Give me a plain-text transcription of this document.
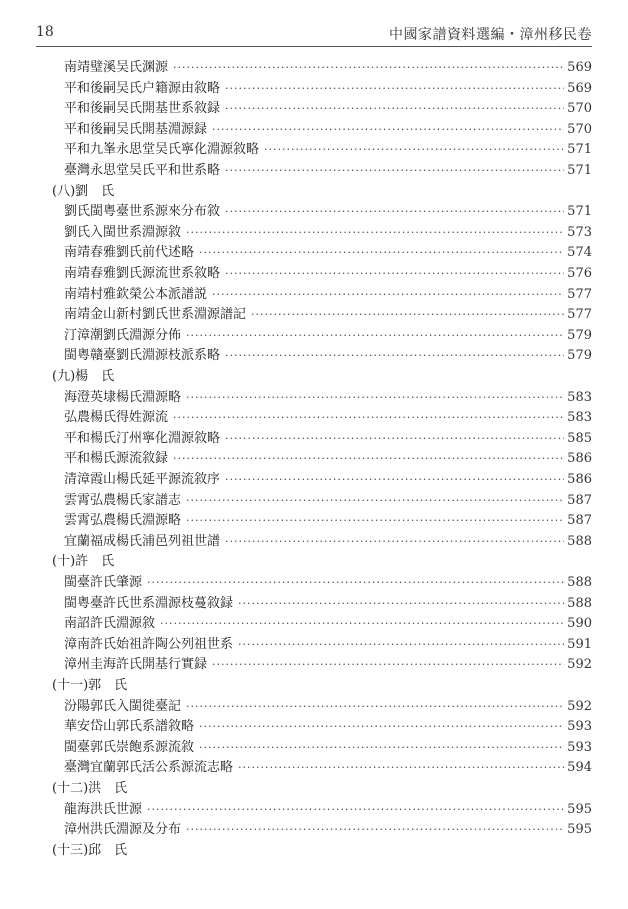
18	中國家譜資料選編・漳州移民卷
南靖璧溪吴氏渊源 ·····	569
平和後嗣吴氏户籍源由敘略 ·····	569
平和後嗣吴氏開基世系敘録 ·····	570
平和後嗣吴氏開基淵源録 ·····	570
平和九峯永思堂吴氏寧化淵源敘略 ·····	571
臺灣永思堂吴氏平和世系略 ·····	571
(八)劉　氏
劉氏閩粤臺世系源來分布敘 ·····	571
劉氏入閩世系淵源敘 ·····	573
南靖春雅劉氏前代述略 ·····	574
南靖春雅劉氏源流世系敘略 ·····	576
南靖村雅欽榮公本派譜説 ·····	577
南靖金山新村劉氏世系淵源譜記 ·····	577
汀漳潮劉氏淵源分佈 ·····	579
閩粤贛臺劉氏淵源枝派系略 ·····	579
(九)楊　氏
海澄英埭楊氏淵源略 ·····	583
弘農楊氏得姓源流 ·····	583
平和楊氏汀州寧化淵源敘略 ·····	585
平和楊氏源流敘録 ·····	586
清漳霞山楊氏延平源流敘序 ·····	586
雲霄弘農楊氏家譜志 ·····	587
雲霄弘農楊氏淵源略 ·····	587
宜蘭福成楊氏浦邑列祖世譜 ·····	588
(十)許　氏
閩臺許氏肇源 ·····	588
閩粤臺許氏世系淵源枝蔓敘録 ·····	588
南詔許氏淵源敘 ·····	590
漳南許氏始祖許陶公列祖世系 ·····	591
漳州圭海許氏開基行實録 ·····	592
(十一)郭　氏
汾陽郭氏入閩徙臺記 ·····	592
華安岱山郭氏系譜敘略 ·····	593
閩臺郭氏崇飽系源流敘 ·····	593
臺灣宜蘭郭氏活公系源流志略 ·····	594
(十二)洪　氏
龍海洪氏世源 ·····	595
漳州洪氏淵源及分布 ·····	595
(十三)邱　氏
